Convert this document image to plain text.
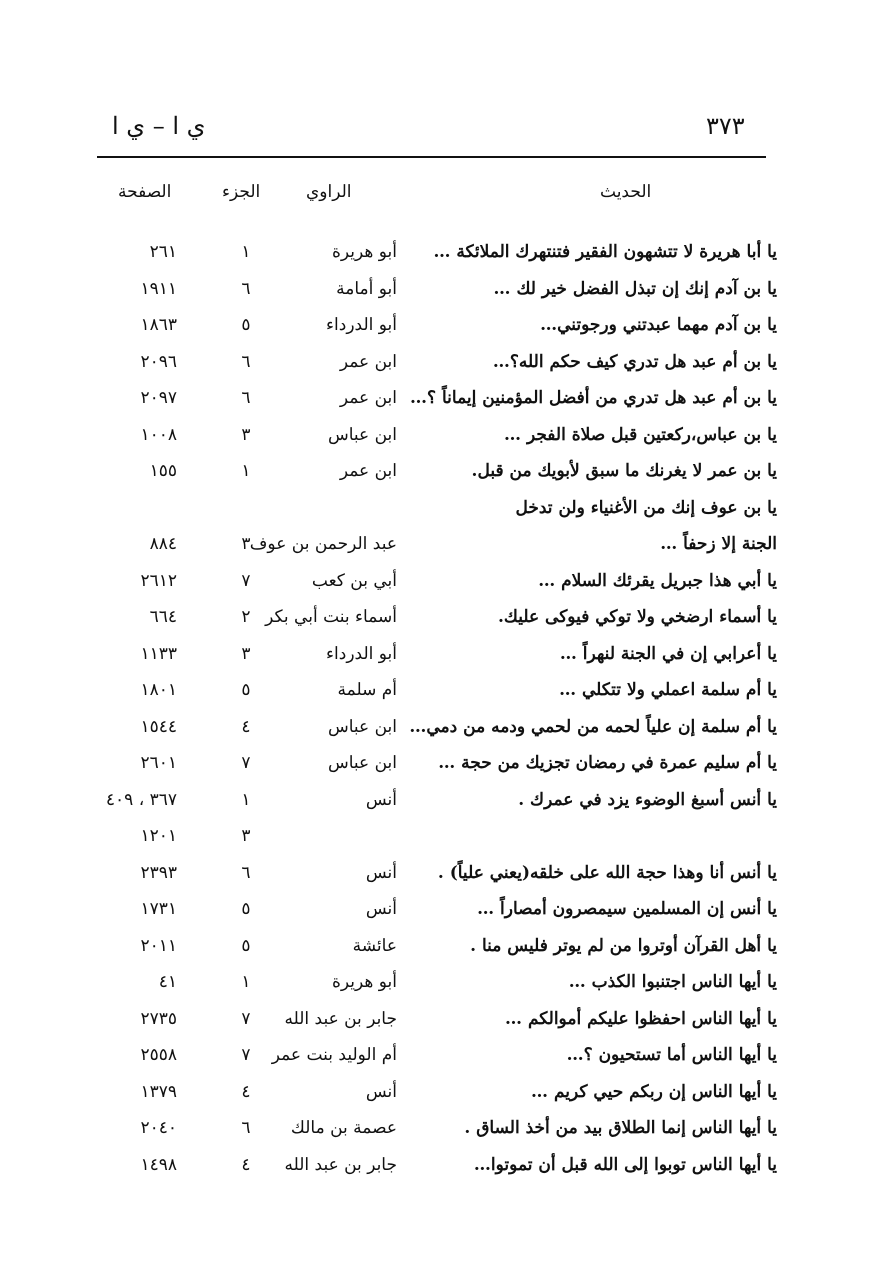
٣٧٣
ي ا – ي ا
الحديث
الراوي
الجزء
الصفحة
يا أبا هريرة لا تتشهون الفقير فتنتهرك الملائكة …
أبو هريرة
١
٢٦١
يا بن آدم إنك إن تبذل الفضل خير لك …
أبو أمامة
٦
١٩١١
يا بن آدم مهما عبدتني ورجوتني…
أبو الدرداء
٥
١٨٦٣
يا بن أم عبد هل تدري كيف حكم الله؟…
ابن عمر
٦
٢٠٩٦
يا بن أم عبد هل تدري من أفضل المؤمنين إيماناً ؟…
ابن عمر
٦
٢٠٩٧
يا بن عباس،ركعتين قبل صلاة الفجر …
ابن عباس
٣
١٠٠٨
يا بن عمر لا يغرنك ما سبق لأبويك من قبل.
ابن عمر
١
١٥٥
يا بن عوف إنك من الأغنياء ولن تدخل
الجنة إلا زحفاً …
عبد الرحمن بن عوف
٣
٨٨٤
يا أبي هذا جبريل يقرئك السلام …
أبي بن كعب
٧
٢٦١٢
يا أسماء ارضخي ولا توكي فيوكى عليك.
أسماء بنت أبي بكر
٢
٦٦٤
يا أعرابي إن في الجنة لنهراً …
أبو الدرداء
٣
١١٣٣
يا أم سلمة اعملي ولا تتكلي …
أم سلمة
٥
١٨٠١
يا أم سلمة إن علياً لحمه من لحمي ودمه من دمي…
ابن عباس
٤
١٥٤٤
يا أم سليم عمرة في رمضان تجزيك من حجة …
ابن عباس
٧
٢٦٠١
يا أنس أسبغ الوضوء يزد في عمرك .
أنس
١
٣٦٧ ، ٤٠٩
٣
١٢٠١
يا أنس أنا وهذا حجة الله على خلقه(يعني علياً) .
أنس
٦
٢٣٩٣
يا أنس إن المسلمين سيمصرون أمصاراً …
أنس
٥
١٧٣١
يا أهل القرآن أوتروا من لم يوتر فليس منا .
عائشة
٥
٢٠١١
يا أيها الناس اجتنبوا الكذب …
أبو هريرة
١
٤١
يا أيها الناس احفظوا عليكم أموالكم …
جابر بن عبد الله
٧
٢٧٣٥
يا أيها الناس أما تستحيون ؟…
أم الوليد بنت عمر
٧
٢٥٥٨
يا أيها الناس إن ربكم حيي كريم …
أنس
٤
١٣٧٩
يا أيها الناس إنما الطلاق بيد من أخذ الساق .
عصمة بن مالك
٦
٢٠٤٠
يا أيها الناس توبوا إلى الله قبل أن تموتوا…
جابر بن عبد الله
٤
١٤٩٨
